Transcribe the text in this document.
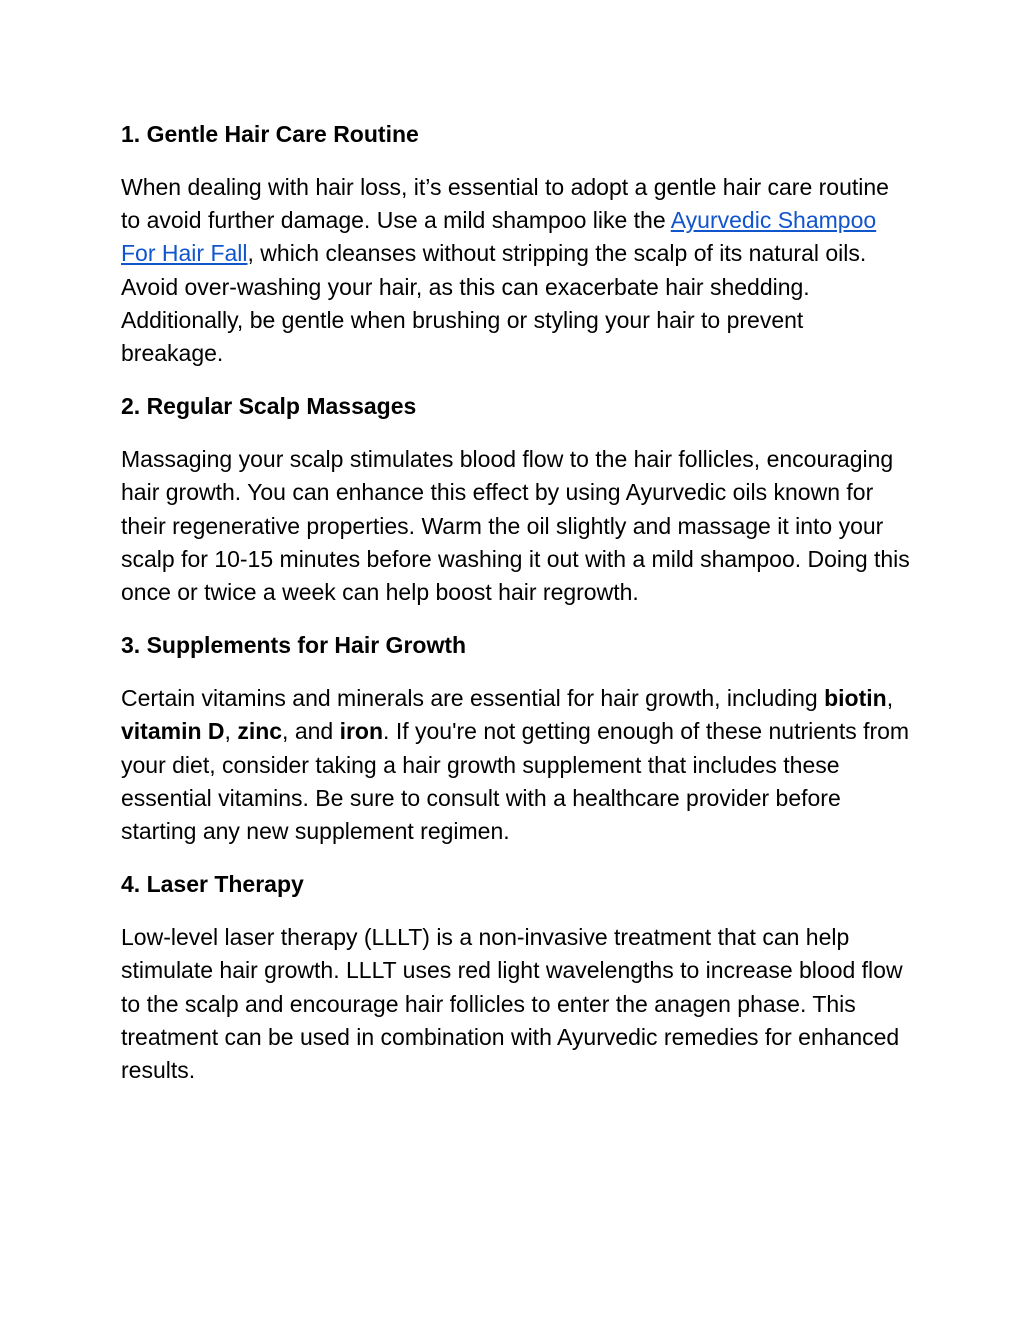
1. Gentle Hair Care Routine

When dealing with hair loss, it’s essential to adopt a gentle hair care routine to avoid further damage. Use a mild shampoo like the Ayurvedic Shampoo For Hair Fall, which cleanses without stripping the scalp of its natural oils. Avoid over-washing your hair, as this can exacerbate hair shedding. Additionally, be gentle when brushing or styling your hair to prevent breakage.

2. Regular Scalp Massages

Massaging your scalp stimulates blood flow to the hair follicles, encouraging hair growth. You can enhance this effect by using Ayurvedic oils known for their regenerative properties. Warm the oil slightly and massage it into your scalp for 10-15 minutes before washing it out with a mild shampoo. Doing this once or twice a week can help boost hair regrowth.

3. Supplements for Hair Growth

Certain vitamins and minerals are essential for hair growth, including biotin, vitamin D, zinc, and iron. If you're not getting enough of these nutrients from your diet, consider taking a hair growth supplement that includes these essential vitamins. Be sure to consult with a healthcare provider before starting any new supplement regimen.

4. Laser Therapy

Low-level laser therapy (LLLT) is a non-invasive treatment that can help stimulate hair growth. LLLT uses red light wavelengths to increase blood flow to the scalp and encourage hair follicles to enter the anagen phase. This treatment can be used in combination with Ayurvedic remedies for enhanced results.
